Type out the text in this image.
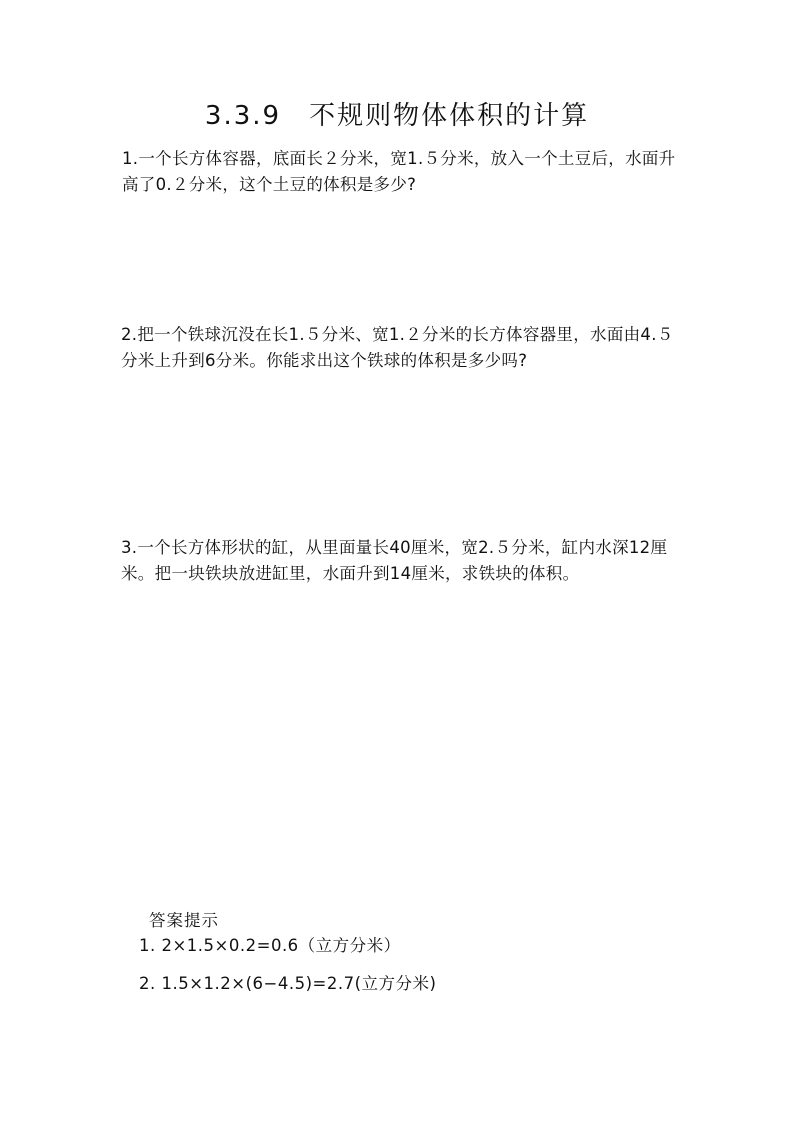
3.3.9　不规则物体体积的计算
1.一个长方体容器，底面长２分米，宽1.５分米，放入一个土豆后，水面升高了0.２分米，这个土豆的体积是多少?
2.把一个铁球沉没在长1.５分米、宽1.２分米的长方体容器里，水面由4.５分米上升到6分米。你能求出这个铁球的体积是多少吗?
3.一个长方体形状的缸，从里面量长40厘米，宽2.５分米，缸内水深12厘米。把一块铁块放进缸里，水面升到14厘米，求铁块的体积。
答案提示
1. 2×1.5×0.2=0.6（立方分米）
2. 1.5×1.2×(6−4.5)=2.7(立方分米)
